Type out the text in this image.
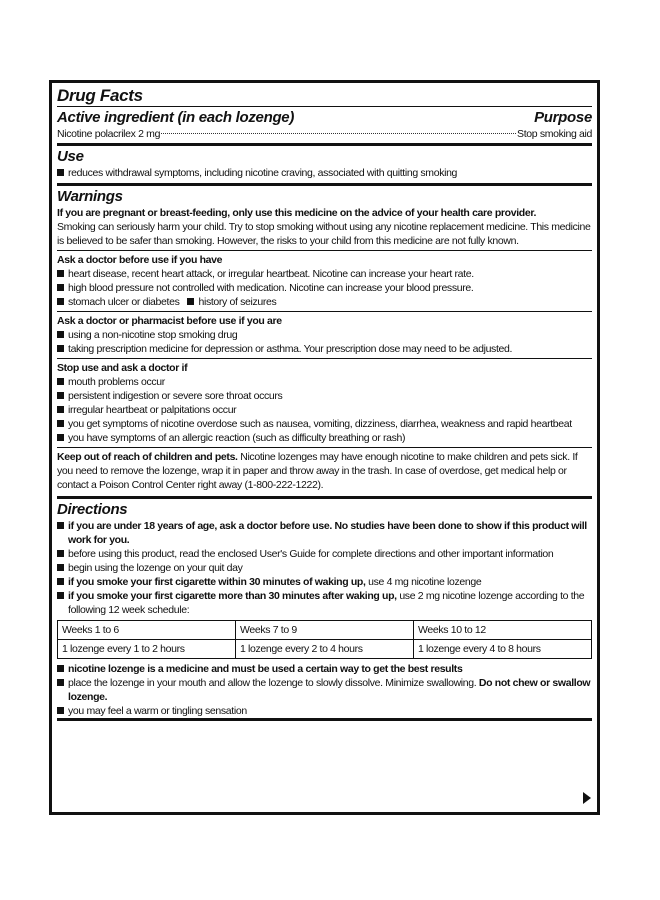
Drug Facts
Active ingredient (in each lozenge)	Purpose
Nicotine polacrilex 2 mg	Stop smoking aid
Use
reduces withdrawal symptoms, including nicotine craving, associated with quitting smoking
Warnings
If you are pregnant or breast-feeding, only use this medicine on the advice of your health care provider.
Smoking can seriously harm your child. Try to stop smoking without using any nicotine replacement medicine. This medicine is believed to be safer than smoking. However, the risks to your child from this medicine are not fully known.
Ask a doctor before use if you have
heart disease, recent heart attack, or irregular heartbeat. Nicotine can increase your heart rate.
high blood pressure not controlled with medication. Nicotine can increase your blood pressure.
stomach ulcer or diabetes history of seizures
Ask a doctor or pharmacist before use if you are
using a non-nicotine stop smoking drug
taking prescription medicine for depression or asthma. Your prescription dose may need to be adjusted.
Stop use and ask a doctor if
mouth problems occur
persistent indigestion or severe sore throat occurs
irregular heartbeat or palpitations occur
you get symptoms of nicotine overdose such as nausea, vomiting, dizziness, diarrhea, weakness and rapid heartbeat
you have symptoms of an allergic reaction (such as difficulty breathing or rash)
Keep out of reach of children and pets. Nicotine lozenges may have enough nicotine to make children and pets sick. If you need to remove the lozenge, wrap it in paper and throw away in the trash. In case of overdose, get medical help or contact a Poison Control Center right away (1-800-222-1222).
Directions
if you are under 18 years of age, ask a doctor before use. No studies have been done to show if this product will work for you.
before using this product, read the enclosed User's Guide for complete directions and other important information
begin using the lozenge on your quit day
if you smoke your first cigarette within 30 minutes of waking up, use 4 mg nicotine lozenge
if you smoke your first cigarette more than 30 minutes after waking up, use 2 mg nicotine lozenge according to the following 12 week schedule:
Weeks 1 to 6	Weeks 7 to 9	Weeks 10 to 12
1 lozenge every 1 to 2 hours	1 lozenge every 2 to 4 hours	1 lozenge every 4 to 8 hours
nicotine lozenge is a medicine and must be used a certain way to get the best results
place the lozenge in your mouth and allow the lozenge to slowly dissolve. Minimize swallowing. Do not chew or swallow lozenge.
you may feel a warm or tingling sensation
